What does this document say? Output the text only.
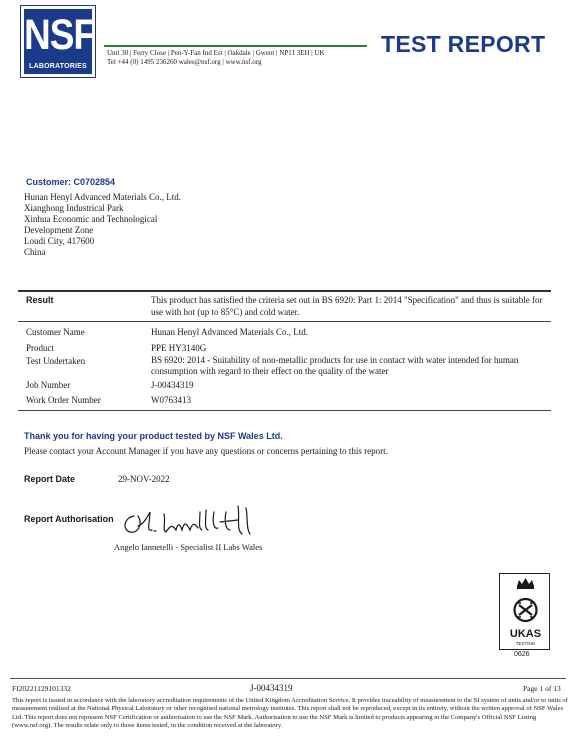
NSF
LABORATORIES
Unit 30 | Ferry Close | Pen-Y-Fan Ind Est | Oakdale | Gwent | NP11 3EH | UK
Tel +44 (0) 1495 236260 wales@nsf.org | www.nsf.org
TEST REPORT
Customer: C0702854
Hunan Henyl Advanced Materials Co., Ltd.
Xianghong Industrical Park
Xinhua Economic and Technological
Development Zone
Loudi City, 417600
China
Result	This product has satisfied the criteria set out in BS 6920: Part 1: 2014 "Specification" and thus is suitable for use with hot (up to 85°C) and cold water.
Customer Name	Hunan Henyl Advanced Materials Co., Ltd.
Product	PPE HY3140G
Test Undertaken	BS 6920: 2014 - Suitability of non-metallic products for use in contact with water intended for human consumption with regard to their effect on the quality of the water
Job Number	J-00434319
Work Order Number	W0763413
Thank you for having your product tested by NSF Wales Ltd.
Please contact your Account Manager if you have any questions or concerns pertaining to this report.
Report Date	29-NOV-2022
Report Authorisation
Angelo Iannetelli - Specialist II Labs Wales
UKAS
TESTING
0626
FI20221129101332	J-00434319	Page 1 of 13
This report is issued in accordance with the laboratory accreditation requirements of the United Kingdom Accreditation Service. It provides traceability of measurement to the SI system of units and/or to units of measurement realised at the National Physical Laboratory or other recognised national metrology institutes. This report shall not be reproduced, except in its entirety, without the written approval of NSF Wales Ltd. This report does not represent NSF Certification or authorisation to use the NSF Mark. Authorisation to use the NSF Mark is limited to products appearing in the Company's Official NSF Listing (www.nsf.org). The results relate only to those items tested, in the condition received at the laboratory.
